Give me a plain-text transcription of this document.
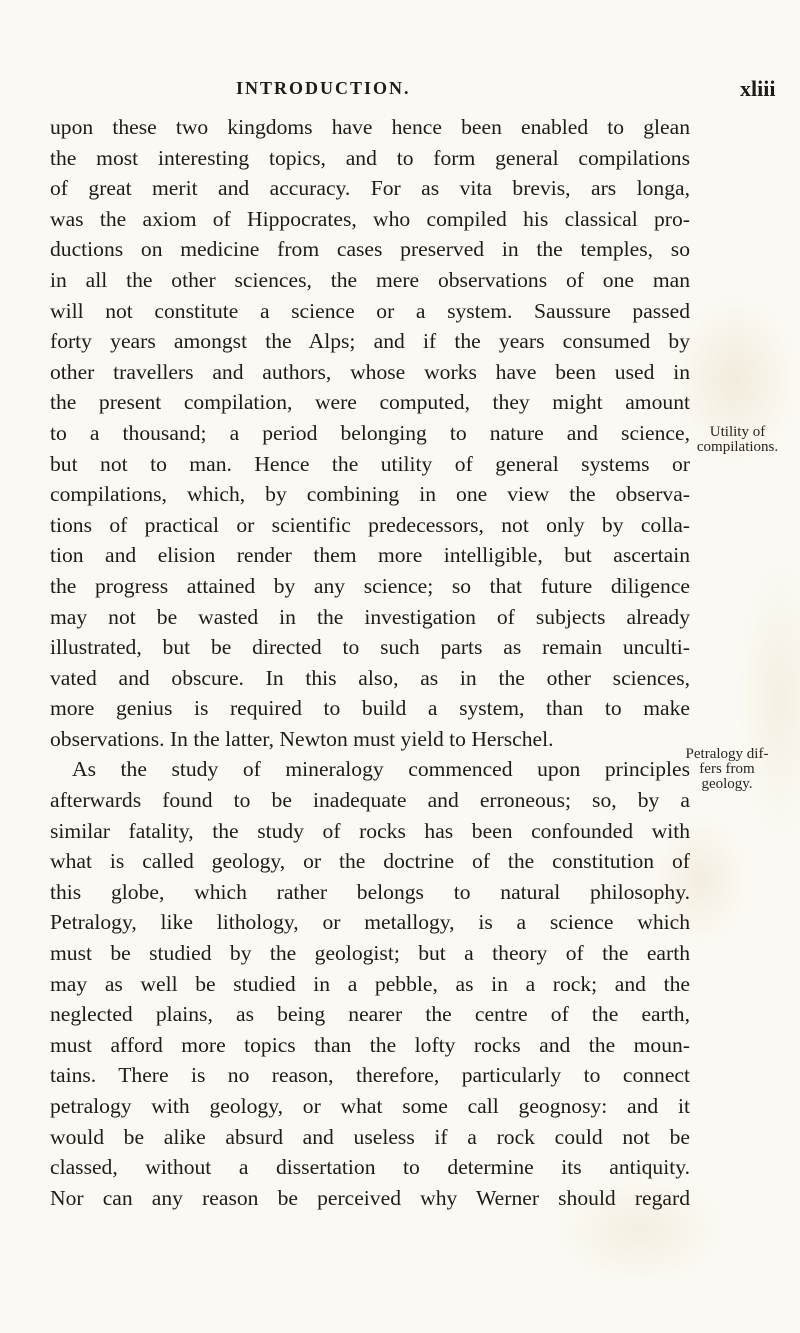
INTRODUCTION.	xliii
upon these two kingdoms have hence been enabled to glean
the most interesting topics, and to form general compilations
of great merit and accuracy. For as vita brevis, ars longa,
was the axiom of Hippocrates, who compiled his classical pro-
ductions on medicine from cases preserved in the temples, so
in all the other sciences, the mere observations of one man
will not constitute a science or a system. Saussure passed
forty years amongst the Alps; and if the years consumed by
other travellers and authors, whose works have been used in
the present compilation, were computed, they might amount
to a thousand; a period belonging to nature and science,
but not to man. Hence the utility of general systems or
compilations, which, by combining in one view the observa-
tions of practical or scientific predecessors, not only by colla-
tion and elision render them more intelligible, but ascertain
the progress attained by any science; so that future diligence
may not be wasted in the investigation of subjects already
illustrated, but be directed to such parts as remain unculti-
vated and obscure. In this also, as in the other sciences,
more genius is required to build a system, than to make
observations. In the latter, Newton must yield to Herschel.
As the study of mineralogy commenced upon principles
afterwards found to be inadequate and erroneous; so, by a
similar fatality, the study of rocks has been confounded with
what is called geology, or the doctrine of the constitution of
this globe, which rather belongs to natural philosophy.
Petralogy, like lithology, or metallogy, is a science which
must be studied by the geologist; but a theory of the earth
may as well be studied in a pebble, as in a rock; and the
neglected plains, as being nearer the centre of the earth,
must afford more topics than the lofty rocks and the moun-
tains. There is no reason, therefore, particularly to connect
petralogy with geology, or what some call geognosy: and it
would be alike absurd and useless if a rock could not be
classed, without a dissertation to determine its antiquity.
Nor can any reason be perceived why Werner should regard
Utility of
compilations.
Petralogy dif-
fers from
geology.
